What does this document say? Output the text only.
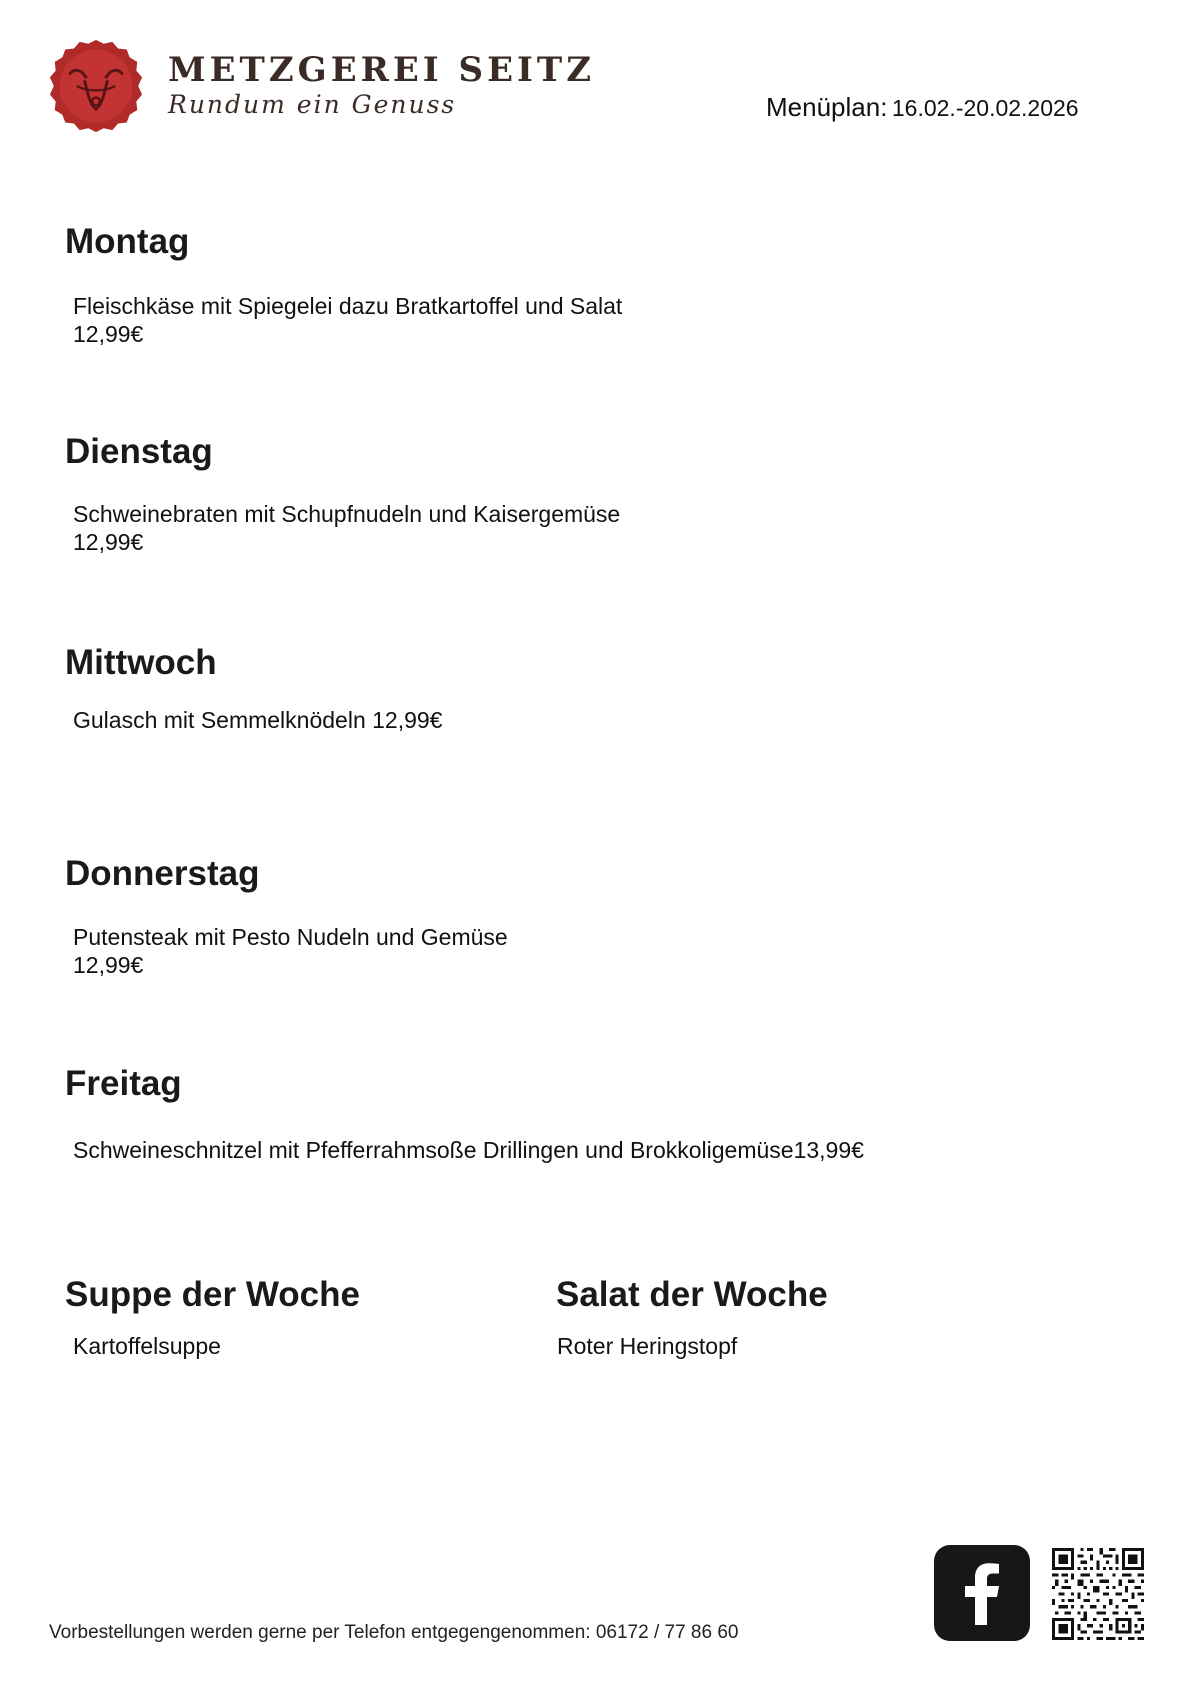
METZGEREI SEITZ
Rundum ein Genuss	Menüplan: 16.02.-20.02.2026
Montag
Fleischkäse mit Spiegelei dazu Bratkartoffel und Salat
12,99€
Dienstag
Schweinebraten mit Schupfnudeln und Kaisergemüse
12,99€
Mittwoch
Gulasch mit Semmelknödeln 12,99€
Donnerstag
Putensteak mit Pesto Nudeln und Gemüse
12,99€
Freitag
Schweineschnitzel mit Pfefferrahmsoße Drillingen und Brokkoligemüse13,99€
Suppe der Woche
Kartoffelsuppe
Salat der Woche
Roter Heringstopf
Vorbestellungen werden gerne per Telefon entgegengenommen: 06172 / 77 86 60
